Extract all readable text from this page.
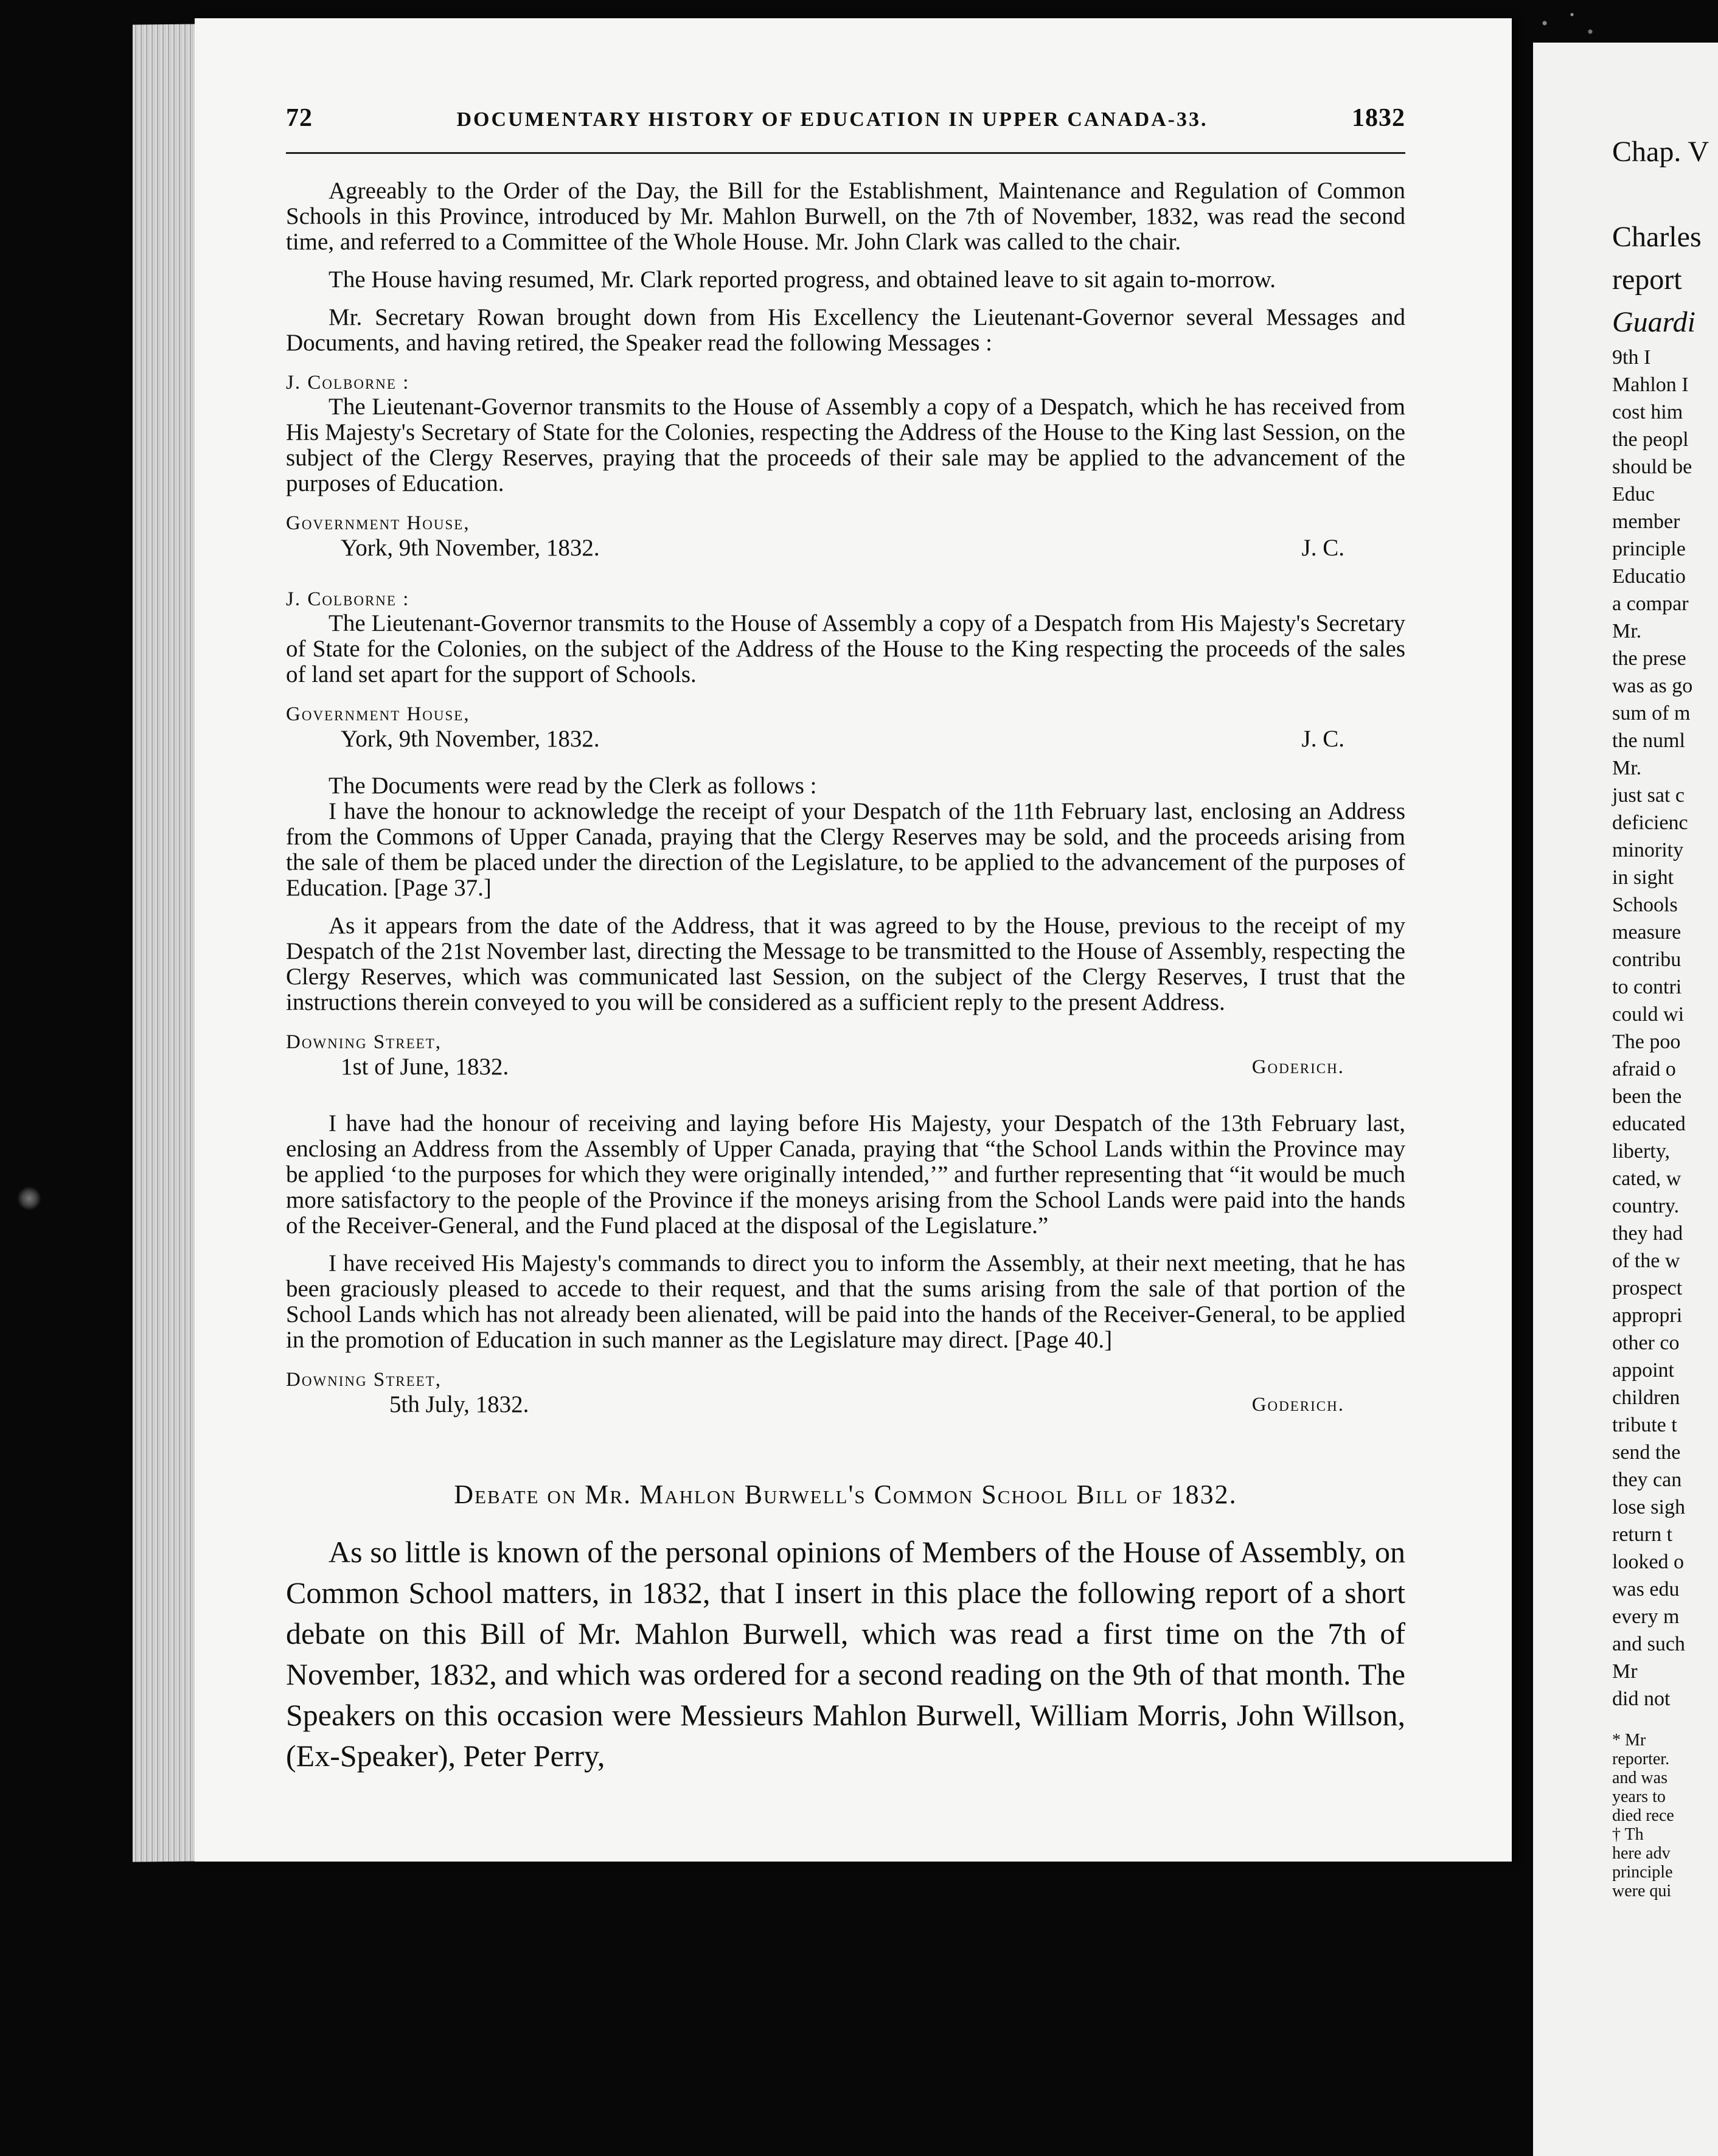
72	DOCUMENTARY HISTORY OF EDUCATION IN UPPER CANADA-33.	1832

Agreeably to the Order of the Day, the Bill for the Establishment, Maintenance and Regulation of Common Schools in this Province, introduced by Mr. Mahlon Burwell, on the 7th of November, 1832, was read the second time, and referred to a Committee of the Whole House. Mr. John Clark was called to the chair.

The House having resumed, Mr. Clark reported progress, and obtained leave to sit again to-morrow.

Mr. Secretary Rowan brought down from His Excellency the Lieutenant-Governor several Messages and Documents, and having retired, the Speaker read the following Messages :

J. Colborne :

The Lieutenant-Governor transmits to the House of Assembly a copy of a Despatch, which he has received from His Majesty's Secretary of State for the Colonies, respecting the Address of the House to the King last Session, on the subject of the Clergy Reserves, praying that the proceeds of their sale may be applied to the advancement of the purposes of Education.

Government House,
York, 9th November, 1832.	J. C.
J. Colborne :

The Lieutenant-Governor transmits to the House of Assembly a copy of a Despatch from His Majesty's Secretary of State for the Colonies, on the subject of the Address of the House to the King respecting the proceeds of the sales of land set apart for the support of Schools.

Government House,
York, 9th November, 1832.	J. C.

The Documents were read by the Clerk as follows :

I have the honour to acknowledge the receipt of your Despatch of the 11th February last, enclosing an Address from the Commons of Upper Canada, praying that the Clergy Reserves may be sold, and the proceeds arising from the sale of them be placed under the direction of the Legislature, to be applied to the advancement of the purposes of Education. [Page 37.]

As it appears from the date of the Address, that it was agreed to by the House, previous to the receipt of my Despatch of the 21st November last, directing the Message to be transmitted to the House of Assembly, respecting the Clergy Reserves, which was communicated last Session, on the subject of the Clergy Reserves, I trust that the instructions therein conveyed to you will be considered as a sufficient reply to the present Address.

Downing Street,
1st of June, 1832.	Goderich.

I have had the honour of receiving and laying before His Majesty, your Despatch of the 13th February last, enclosing an Address from the Assembly of Upper Canada, praying that “the School Lands within the Province may be applied ‘to the purposes for which they were originally intended,’” and further representing that “it would be much more satisfactory to the people of the Province if the moneys arising from the School Lands were paid into the hands of the Receiver-General, and the Fund placed at the disposal of the Legislature.”

I have received His Majesty's commands to direct you to inform the Assembly, at their next meeting, that he has been graciously pleased to accede to their request, and that the sums arising from the sale of that portion of the School Lands which has not already been alienated, will be paid into the hands of the Receiver-General, to be applied in the promotion of Education in such manner as the Legislature may direct. [Page 40.]

Downing Street,
5th July, 1832.	Goderich.
Debate on Mr. Mahlon Burwell's Common School Bill of 1832.

As so little is known of the personal opinions of Members of the House of Assembly, on Common School matters, in 1832, that I insert in this place the following report of a short debate on this Bill of Mr. Mahlon Burwell, which was read a first time on the 7th of November, 1832, and which was ordered for a second reading on the 9th of that month. The Speakers on this occasion were Messieurs Mahlon Burwell, William Morris, John Willson, (Ex-Speaker), Peter Perry,

Chap. V
Charles
report
Guardi
9th I
Mahlon I
cost him
the peopl
should be
Educ
member
principle
Educatio
a compar
Mr.
the prese
was as go
sum of m
the numl
Mr.
just sat c
deficienc
minority
in sight
Schools
measure
contribu
to contri
could wi
The poo
afraid o
been the
educated
liberty,
cated, w
country.
they had
of the w
prospect
appropri
other co
appoint
children
tribute t
send the
they can
lose sigh
return t
looked o
was edu
every m
and such
Mr
did not
* Mr
reporter.
and was
years to
died rece
† Th
here adv
principle
were qui
